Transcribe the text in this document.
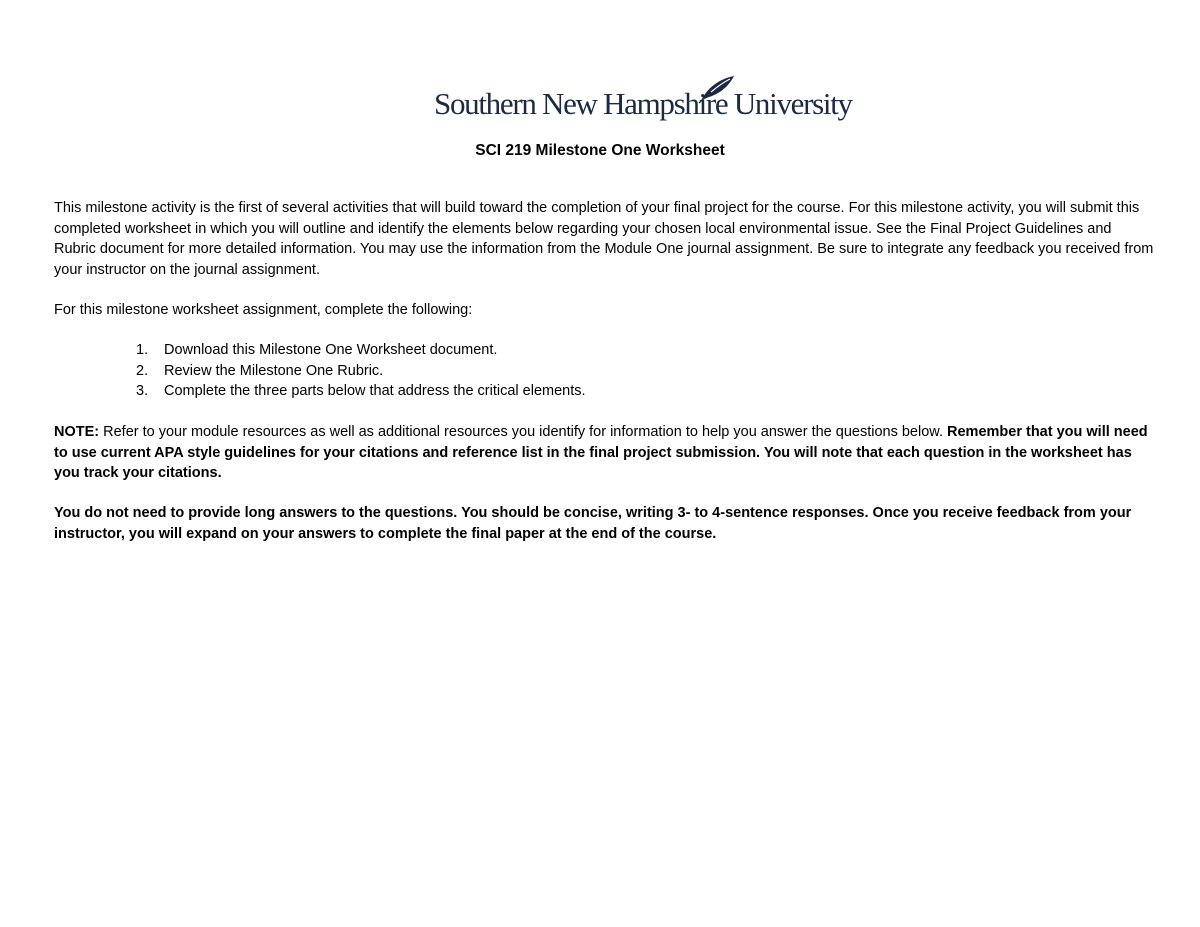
Southern New Hampshire University
SCI 219 Milestone One Worksheet

This milestone activity is the first of several activities that will build toward the completion of your final project for the course. For this milestone activity, you will submit this completed worksheet in which you will outline and identify the elements below regarding your chosen local environmental issue. See the Final Project Guidelines and Rubric document for more detailed information. You may use the information from the Module One journal assignment. Be sure to integrate any feedback you received from your instructor on the journal assignment.

For this milestone worksheet assignment, complete the following:

1. Download this Milestone One Worksheet document.
2. Review the Milestone One Rubric.
3. Complete the three parts below that address the critical elements.

NOTE: Refer to your module resources as well as additional resources you identify for information to help you answer the questions below. Remember that you will need to use current APA style guidelines for your citations and reference list in the final project submission. You will note that each question in the worksheet has you track your citations.

You do not need to provide long answers to the questions. You should be concise, writing 3- to 4-sentence responses. Once you receive feedback from your instructor, you will expand on your answers to complete the final paper at the end of the course.
